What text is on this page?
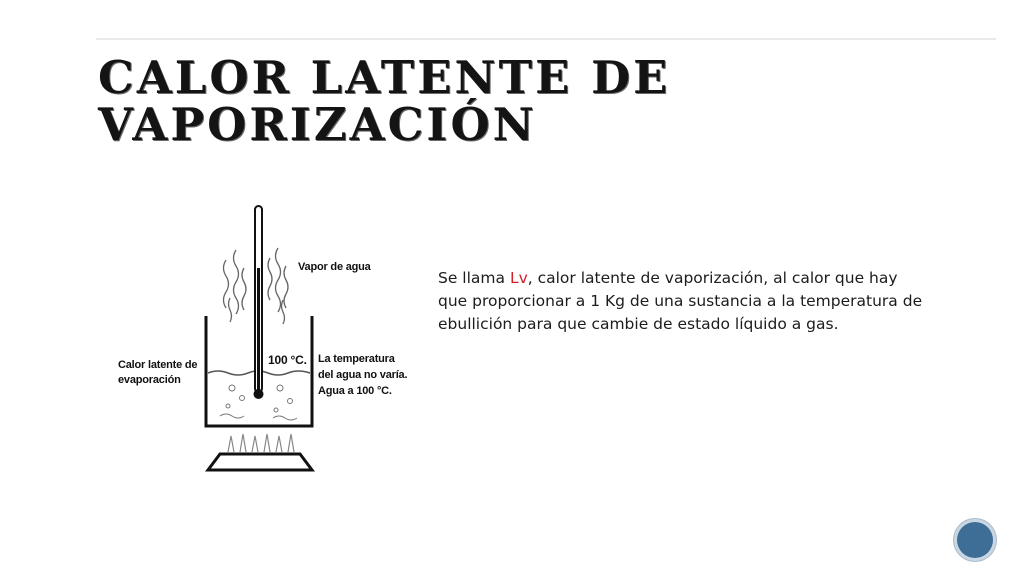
CALOR LATENTE DE VAPORIZACIÓN
Vapor de agua
100 °C.
Calor latente de evaporación
La temperatura del agua no varía. Agua a 100 °C.

Se llama Lv, calor latente de vaporización, al calor que hay que proporcionar a 1 Kg de una sustancia a la temperatura de ebullición para que cambie de estado líquido a gas.
